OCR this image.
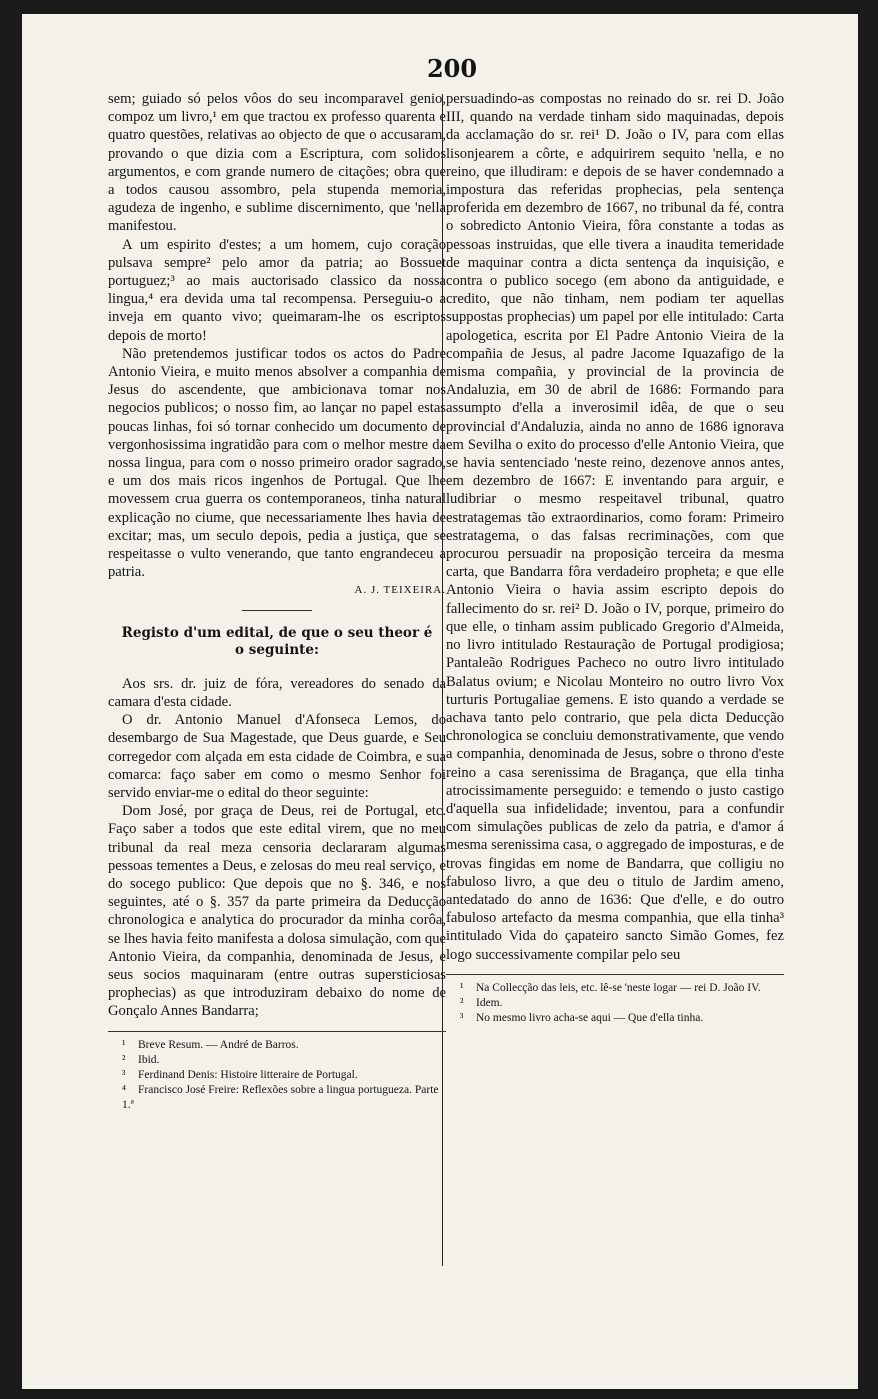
200

sem; guiado só pelos vôos do seu incomparavel genio, compoz um livro,¹ em que tractou ex professo quarenta e quatro questões, relativas ao objecto de que o accusaram, provando o que dizia com a Escriptura, com solidos argumentos, e com grande numero de citações; obra que a todos causou assombro, pela stupenda memoria, agudeza de ingenho, e sublime discernimento, que 'nella manifestou.

A um espirito d'estes; a um homem, cujo coração pulsava sempre² pelo amor da patria; ao Bossuet portuguez;³ ao mais auctorisado classico da nossa lingua,⁴ era devida uma tal recompensa. Perseguiu-o a inveja em quanto vivo; queimaram-lhe os escriptos depois de morto!

Não pretendemos justificar todos os actos do Padre Antonio Vieira, e muito menos absolver a companhia de Jesus do ascendente, que ambicionava tomar nos negocios publicos; o nosso fim, ao lançar no papel estas poucas linhas, foi só tornar conhecido um documento de vergonhosissima ingratidão para com o melhor mestre da nossa lingua, para com o nosso primeiro orador sagrado, e um dos mais ricos ingenhos de Portugal. Que lhe movessem crua guerra os contemporaneos, tinha natural explicação no ciume, que necessariamente lhes havia de excitar; mas, um seculo depois, pedia a justiça, que se respeitasse o vulto venerando, que tanto engrandeceu a patria.

A. J. TEIXEIRA.
Registo d'um edital, de que o seu theor é o seguinte:

Aos srs. dr. juiz de fóra, vereadores do senado da camara d'esta cidade.

O dr. Antonio Manuel d'Afonseca Lemos, do desembargo de Sua Magestade, que Deus guarde, e Seu corregedor com alçada em esta cidade de Coimbra, e sua comarca: faço saber em como o mesmo Senhor foi servido enviar-me o edital do theor seguinte:

Dom José, por graça de Deus, rei de Portugal, etc. Faço saber a todos que este edital virem, que no meu tribunal da real meza censoria declararam algumas pessoas tementes a Deus, e zelosas do meu real serviço, e do socego publico: Que depois que no §. 346, e nos seguintes, até o §. 357 da parte primeira da Deducção chronologica e analytica do procurador da minha corôa, se lhes havia feito manifesta a dolosa simulação, com que Antonio Vieira, da companhia, denominada de Jesus, e seus socios maquinaram (entre outras supersticiosas prophecias) as que introduziram debaixo do nome de Gonçalo Annes Bandarra;

¹ Breve Resum. — André de Barros.
² Ibid.
³ Ferdinand Denis: Histoire litteraire de Portugal.
⁴ Francisco José Freire: Reflexões sobre a lingua portugueza. Parte 1.ª

persuadindo-as compostas no reinado do sr. rei D. João III, quando na verdade tinham sido maquinadas, depois da acclamação do sr. rei¹ D. João o IV, para com ellas lisonjearem a côrte, e adquirirem sequito 'nella, e no reino, que illudiram: e depois de se haver condemnado a impostura das referidas prophecias, pela sentença proferida em dezembro de 1667, no tribunal da fé, contra o sobredicto Antonio Vieira, fôra constante a todas as pessoas instruidas, que elle tivera a inaudita temeridade de maquinar contra a dicta sentença da inquisição, e contra o publico socego (em abono da antiguidade, e credito, que não tinham, nem podiam ter aquellas suppostas prophecias) um papel por elle intitulado: Carta apologetica, escrita por El Padre Antonio Vieira de la compañia de Jesus, al padre Jacome Iquazafigo de la misma compañia, y provincial de la provincia de Andaluzia, em 30 de abril de 1686: Formando para assumpto d'ella a inverosimil idêa, de que o seu provincial d'Andaluzia, ainda no anno de 1686 ignorava em Sevilha o exito do processo d'elle Antonio Vieira, que se havia sentenciado 'neste reino, dezenove annos antes, em dezembro de 1667: E inventando para arguir, e ludibriar o mesmo respeitavel tribunal, quatro estratagemas tão extraordinarios, como foram: Primeiro estratagema, o das falsas recriminações, com que procurou persuadir na proposição terceira da mesma carta, que Bandarra fôra verdadeiro propheta; e que elle Antonio Vieira o havia assim escripto depois do fallecimento do sr. rei² D. João o IV, porque, primeiro do que elle, o tinham assim publicado Gregorio d'Almeida, no livro intitulado Restauração de Portugal prodigiosa; Pantaleão Rodrigues Pacheco no outro livro intitulado Balatus ovium; e Nicolau Monteiro no outro livro Vox turturis Portugaliae gemens. E isto quando a verdade se achava tanto pelo contrario, que pela dicta Deducção chronologica se concluiu demonstrativamente, que vendo a companhia, denominada de Jesus, sobre o throno d'este reino a casa serenissima de Bragança, que ella tinha atrocissimamente perseguido: e temendo o justo castigo d'aquella sua infidelidade; inventou, para a confundir com simulações publicas de zelo da patria, e d'amor á mesma serenissima casa, o aggregado de imposturas, e de trovas fingidas em nome de Bandarra, que colligiu no fabuloso livro, a que deu o titulo de Jardim ameno, antedatado do anno de 1636: Que d'elle, e do outro fabuloso artefacto da mesma companhia, que ella tinha³ intitulado Vida do çapateiro sancto Simão Gomes, fez logo successivamente compilar pelo seu

¹ Na Collecção das leis, etc. lê-se 'neste logar — rei D. João IV.
² Idem.
³ No mesmo livro acha-se aqui — Que d'ella tinha.
